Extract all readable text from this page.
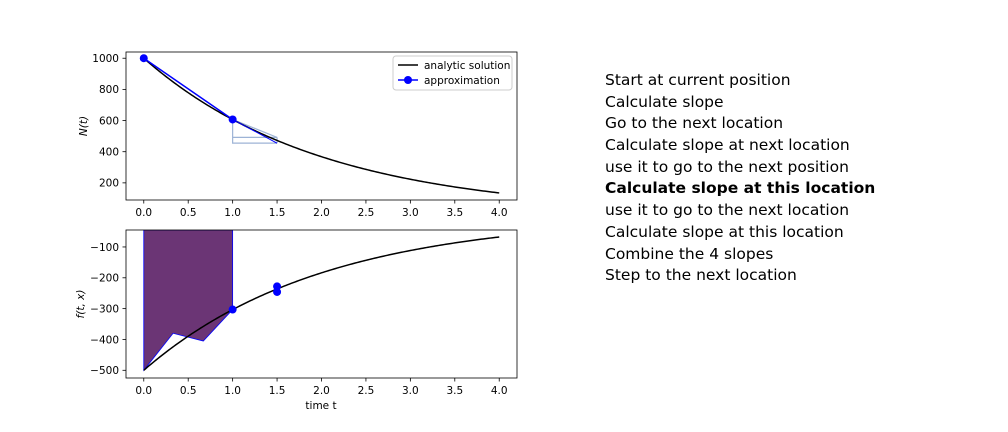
0.0	0.5	1.0	1.5	2.0	2.5	3.0	3.5	4.0
200
400
600
800
1000
N(t)
analytic solution
approximation
0.0	0.5	1.0	1.5	2.0	2.5	3.0	3.5	4.0
−500
−400
−300
−200
−100
f(t, x)
time t
Start at current position
Calculate slope
Go to the next location
Calculate slope at next location
use it to go to the next position
Calculate slope at this location
use it to go to the next location
Calculate slope at this location
Combine the 4 slopes
Step to the next location
